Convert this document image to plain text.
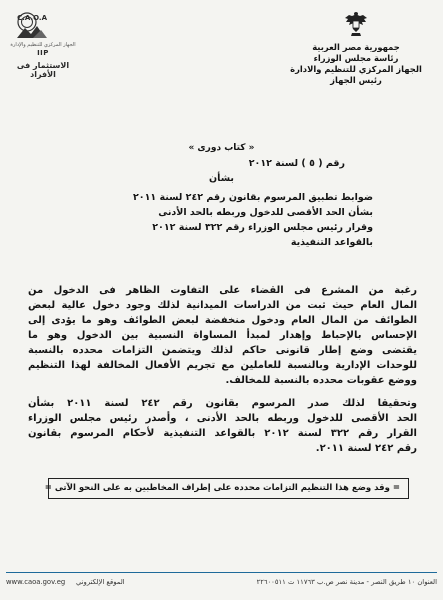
جمهورية مصر العربية
رئاسة مجلس الوزراء
الجهاز المركزي للتنظيم والادارة
رئيس الجهاز
C.A.O.A
الجهاز المركزي للتنظيم والإدارة
IIP
الاستثمار فى الأفراد
« كتاب دورى »
رقم ( ٥ ) لسنة ٢٠١٢
بشأن
ضوابط تطبيق المرسوم بقانون رقم ٢٤٢ لسنة ٢٠١١
بشأن الحد الأقصى للدخول وربطه بالحد الأدنى
وقرار رئيس مجلس الوزراء رقم ٣٢٢ لسنة ٢٠١٢
بالقواعد التنفيذية
رغبة من المشرع فى القضاء على التفاوت الظاهر فى الدخول من
المال العام حيث ثبت من الدراسات الميدانية لذلك وجود دخول عالية لبعض
الطوائف من المال العام ودخول منخفضة لبعض الطوائف وهو ما يؤدى إلى
الإحساس بالإحباط وإهدار لمبدأ المساواة النسبية بين الدخول وهو ما
يقتضى وضع إطار قانونى حاكم لذلك ويتضمن التزامات محدده بالنسبة
للوحدات الإدارية وبالنسبة للعاملين مع تجريم الأفعال المخالفة لهذا التنظيم
ووضع عقوبات محدده بالنسبة للمخالف.
وتحقيقا لذلك صدر المرسوم بقانون رقم ٢٤٢ لسنة ٢٠١١ بشأن
الحد الأقصى للدخول وربطه بالحد الأدنى ، وأصدر رئيس مجلس الوزراء
القرار رقم ٣٢٢ لسنة ٢٠١٢ بالقواعد التنفيذية لأحكام المرسوم بقانون
رقم ٢٤٢ لسنة ٢٠١١.
= وقد وضع هذا التنظيم التزامات محدده على إطراف المخاطبين به على النحو الآتى =
العنوان ١٠ طريق النصر - مدينة نصر ص.ب ١١٧٦٣ ت ٢٢٦٠٠٥١١
الموقع الإلكتروني
www.caoa.gov.eg
